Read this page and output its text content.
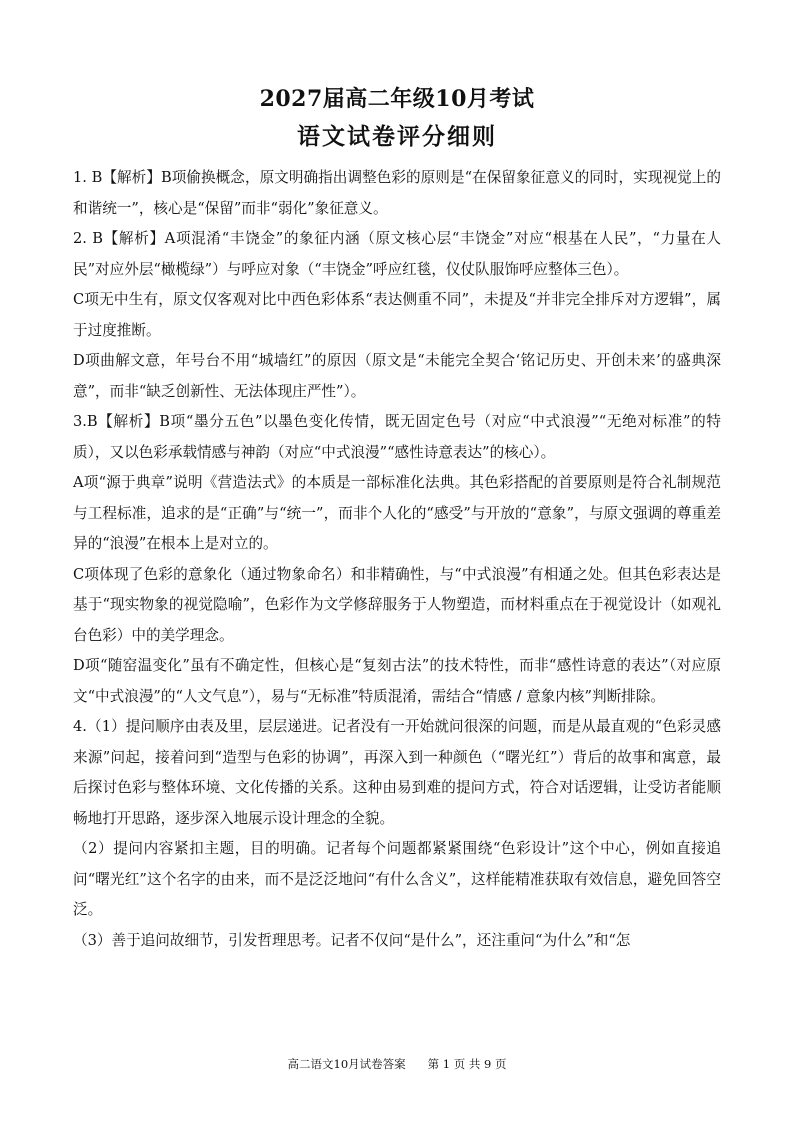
2027届高二年级10月考试
语文试卷评分细则

1. B【解析】B项偷换概念，原文明确指出调整色彩的原则是“在保留象征意义的同时，实现视觉上的和谐统一”，核心是“保留”而非“弱化”象征意义。

2. B【解析】A项混淆“丰饶金”的象征内涵（原文核心层“丰饶金”对应“根基在人民”，“力量在人民”对应外层“橄榄绿”）与呼应对象（“丰饶金”呼应红毯，仪仗队服饰呼应整体三色）。

C项无中生有，原文仅客观对比中西色彩体系“表达侧重不同”，未提及“并非完全排斥对方逻辑”，属于过度推断。

D项曲解文意，年号台不用“城墙红”的原因（原文是“未能完全契合‘铭记历史、开创未来’的盛典深意”，而非“缺乏创新性、无法体现庄严性”）。

3.B【解析】B项“墨分五色”以墨色变化传情，既无固定色号（对应“中式浪漫”“无绝对标准”的特质），又以色彩承载情感与神韵（对应“中式浪漫”“感性诗意表达”的核心）。

A项“源于典章”说明《营造法式》的本质是一部标准化法典。其色彩搭配的首要原则是符合礼制规范与工程标准，追求的是“正确”与“统一”，而非个人化的“感受”与开放的“意象”，与原文强调的尊重差异的“浪漫”在根本上是对立的。

C项体现了色彩的意象化（通过物象命名）和非精确性，与“中式浪漫”有相通之处。但其色彩表达是基于“现实物象的视觉隐喻”，色彩作为文学修辞服务于人物塑造，而材料重点在于视觉设计（如观礼台色彩）中的美学理念。

D项“随窑温变化”虽有不确定性，但核心是“复刻古法”的技术特性，而非“感性诗意的表达”（对应原文“中式浪漫”的“人文气息”），易与“无标准”特质混淆，需结合“情感 / 意象内核”判断排除。

4.（1）提问顺序由表及里，层层递进。记者没有一开始就问很深的问题，而是从最直观的“色彩灵感来源”问起，接着问到“造型与色彩的协调”，再深入到一种颜色（“曙光红”）背后的故事和寓意，最后探讨色彩与整体环境、文化传播的关系。这种由易到难的提问方式，符合对话逻辑，让受访者能顺畅地打开思路，逐步深入地展示设计理念的全貌。

（2）提问内容紧扣主题，目的明确。记者每个问题都紧紧围绕“色彩设计”这个中心，例如直接追问“曙光红”这个名字的由来，而不是泛泛地问“有什么含义”，这样能精准获取有效信息，避免回答空泛。

（3）善于追问故细节，引发哲理思考。记者不仅问“是什么”，还注重问“为什么”和“怎

高二语文10月试卷答案 第 1 页 共 9 页
